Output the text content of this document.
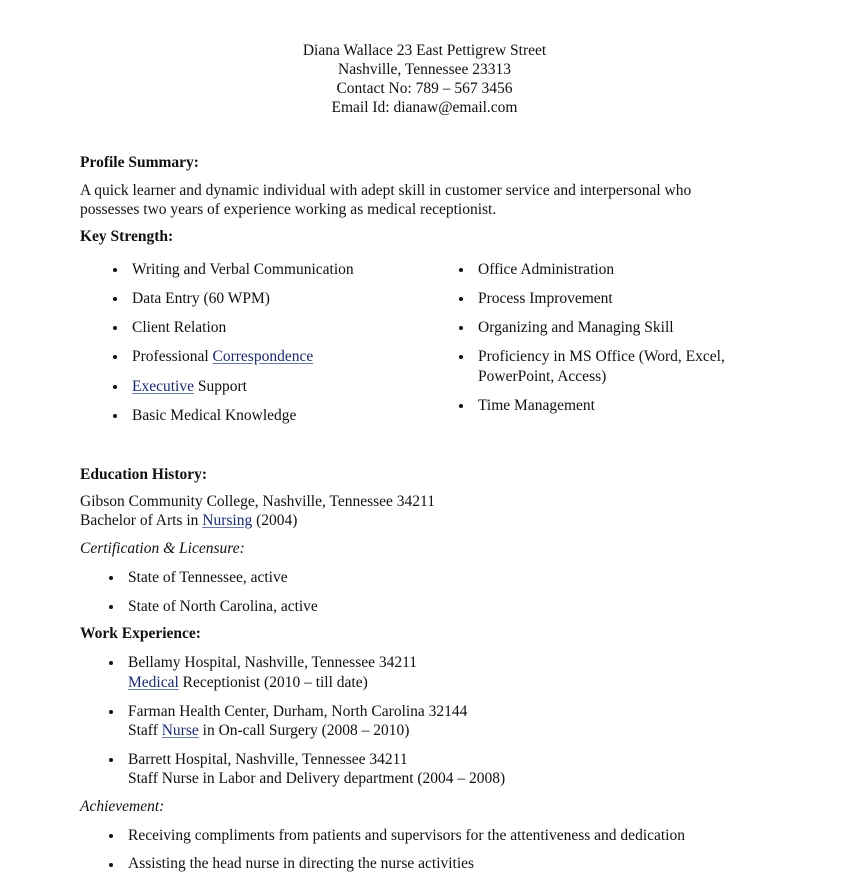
Diana Wallace 23 East Pettigrew Street
Nashville, Tennessee 23313
Contact No: 789 – 567 3456
Email Id: dianaw@email.com
Profile Summary:
A quick learner and dynamic individual with adept skill in customer service and interpersonal who
possesses two years of experience working as medical receptionist.
Key Strength:
Writing and Verbal Communication
Data Entry (60 WPM)
Client Relation
Professional Correspondence
Executive Support
Basic Medical Knowledge
Office Administration
Process Improvement
Organizing and Managing Skill
Proficiency in MS Office (Word, Excel,
PowerPoint, Access)
Time Management
Education History:
Gibson Community College, Nashville, Tennessee 34211
Bachelor of Arts in Nursing (2004)
Certification & Licensure:
State of Tennessee, active
State of North Carolina, active
Work Experience:
Bellamy Hospital, Nashville, Tennessee 34211
Medical Receptionist (2010 – till date)
Farman Health Center, Durham, North Carolina 32144
Staff Nurse in On-call Surgery (2008 – 2010)
Barrett Hospital, Nashville, Tennessee 34211
Staff Nurse in Labor and Delivery department (2004 – 2008)
Achievement:
Receiving compliments from patients and supervisors for the attentiveness and dedication
Assisting the head nurse in directing the nurse activities
